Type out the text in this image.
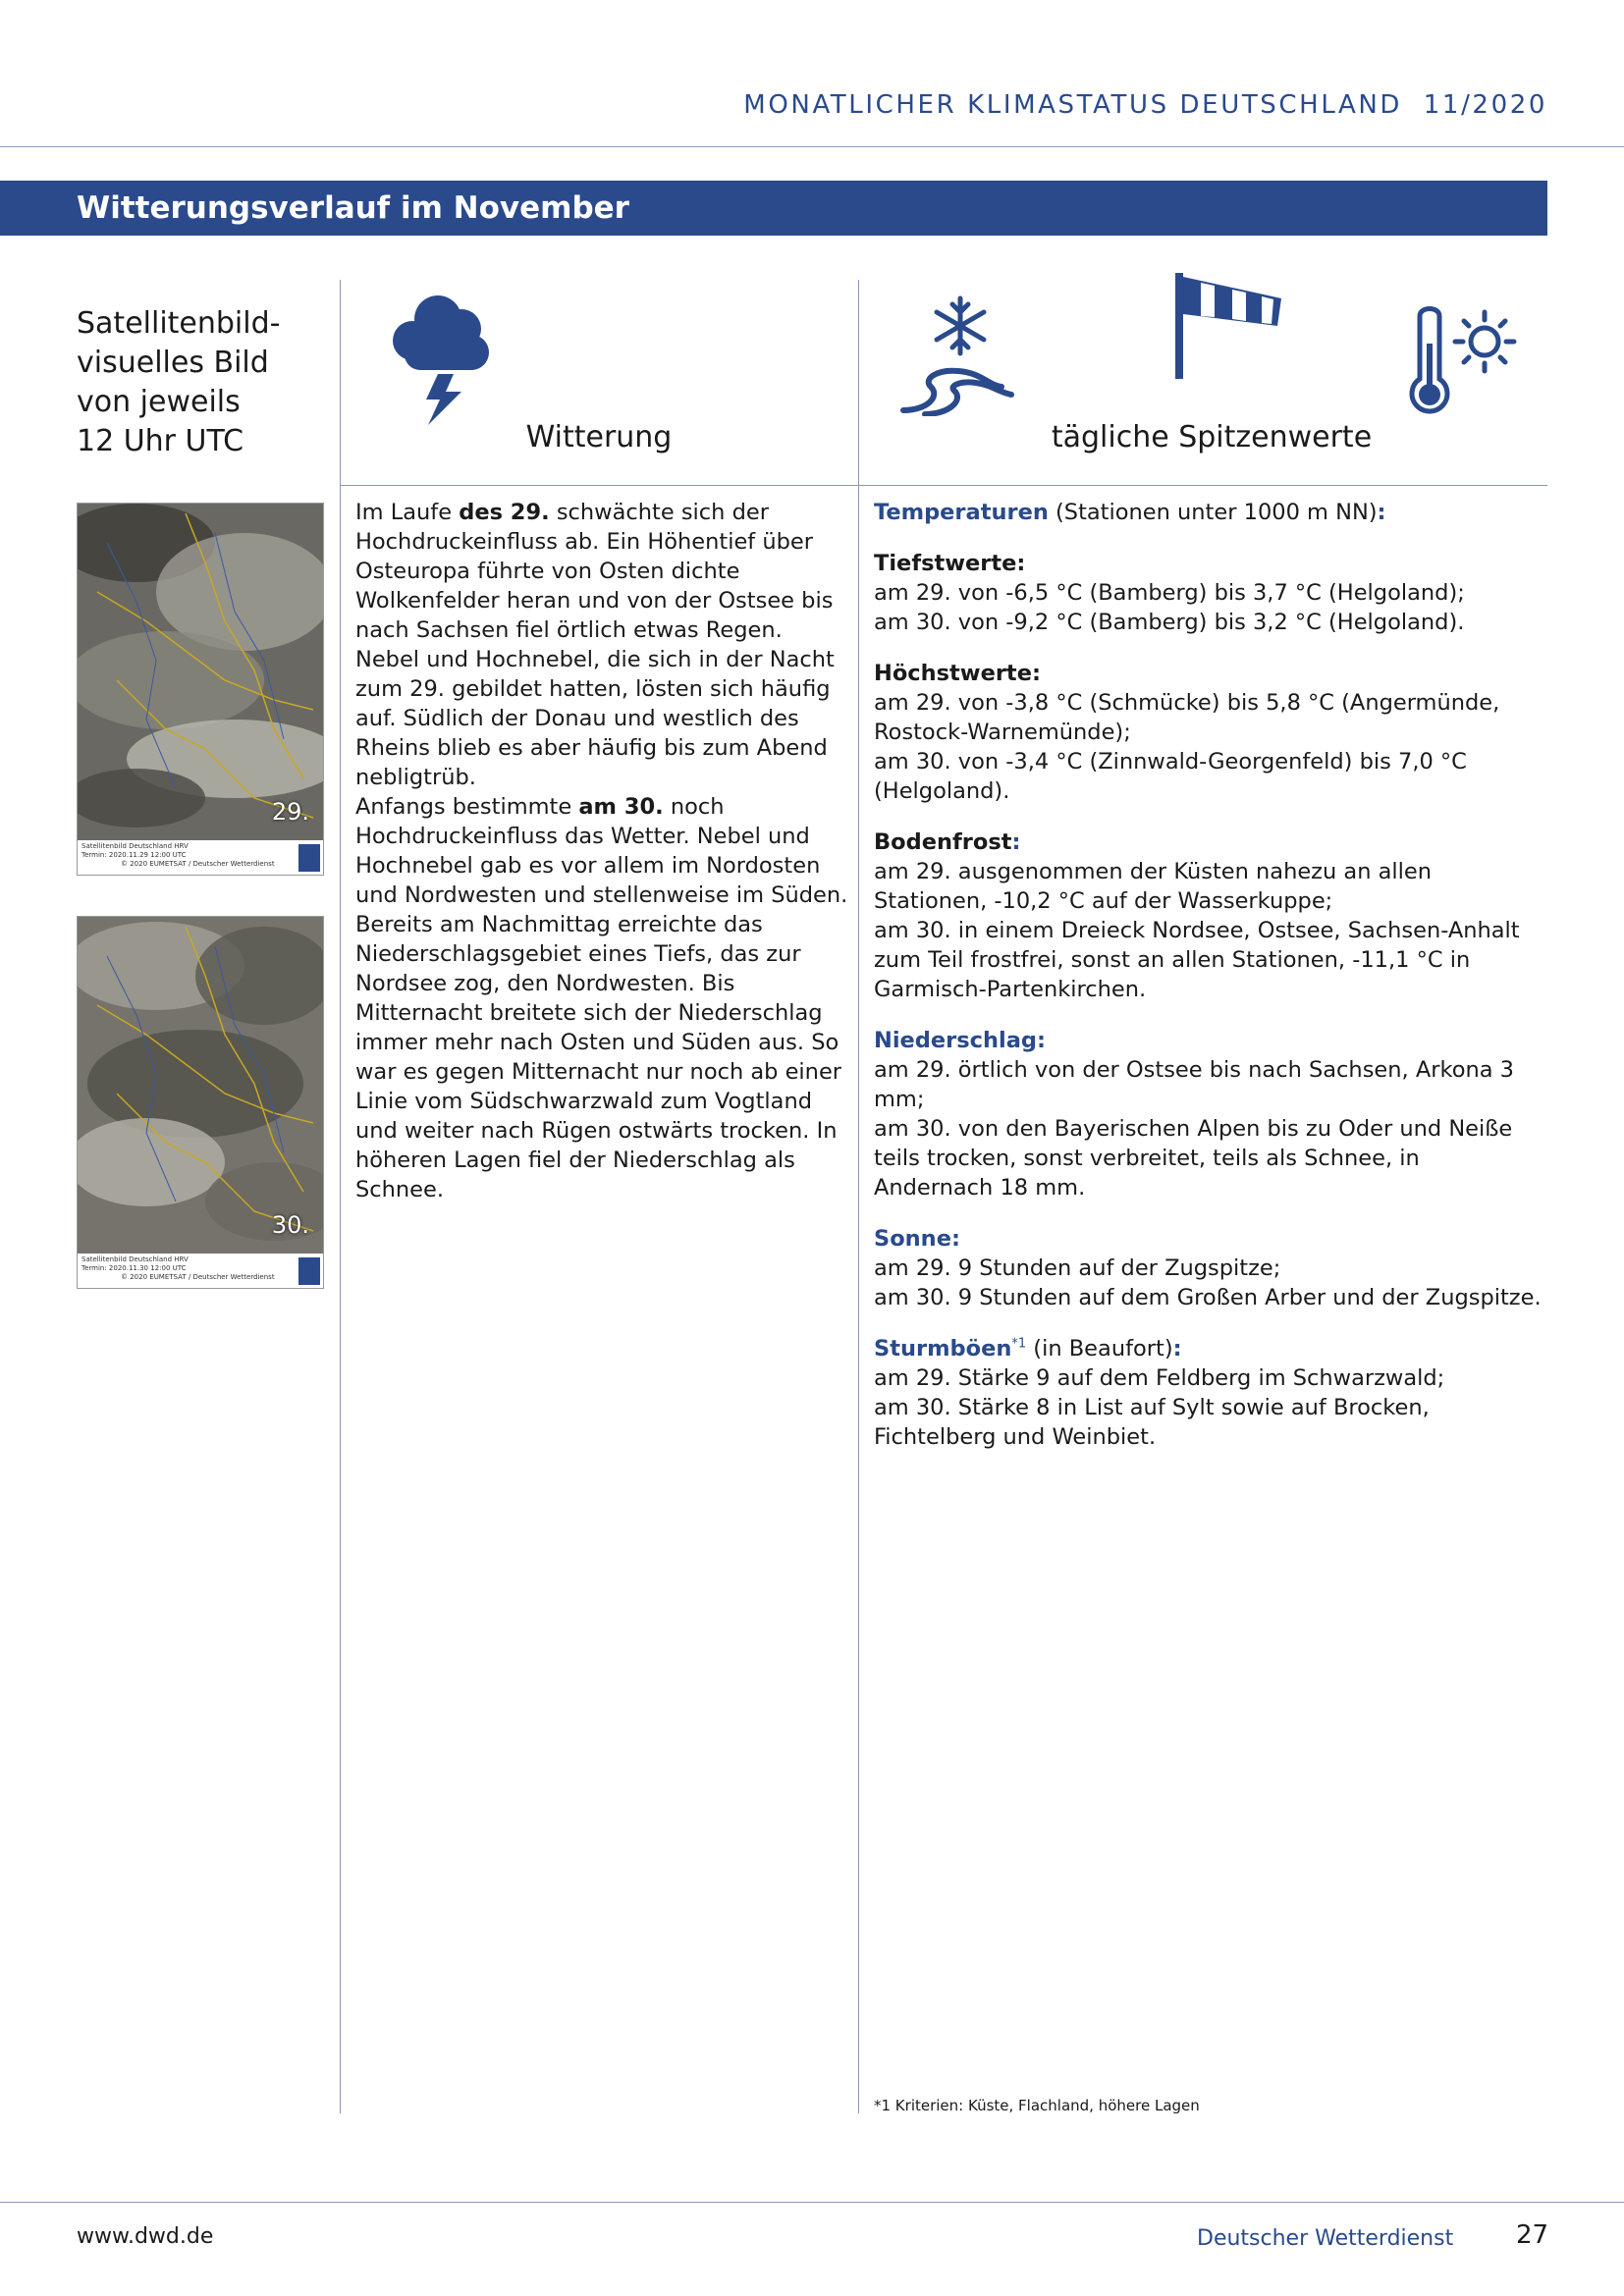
MONATLICHER KLIMASTATUS DEUTSCHLAND  11/2020
Witterungsverlauf im November
Satellitenbild-
visuelles Bild
von jeweils
12 Uhr UTC	Witterung	tägliche Spitzenwerte
29.
Satellitenbild Deutschland HRV
Termin: 2020.11.29 12:00 UTC
© 2020 EUMETSAT / Deutscher Wetterdienst
30.
Satellitenbild Deutschland HRV
Termin: 2020.11.30 12:00 UTC
© 2020 EUMETSAT / Deutscher Wetterdienst

Im Laufe des 29. schwächte sich der Hochdruckeinfluss ab. Ein Höhentief über Osteuropa führte von Osten dichte Wolkenfelder heran und von der Ostsee bis nach Sachsen fiel örtlich etwas Regen. Nebel und Hochnebel, die sich in der Nacht zum 29. gebildet hatten, lösten sich häufig auf. Südlich der Donau und westlich des Rheins blieb es aber häufig bis zum Abend nebligtrüb.

Anfangs bestimmte am 30. noch Hochdruckeinfluss das Wetter. Nebel und Hochnebel gab es vor allem im Nordosten und Nordwesten und stellenweise im Süden. Bereits am Nachmittag erreichte das Niederschlagsgebiet eines Tiefs, das zur Nordsee zog, den Nordwesten. Bis Mitternacht breitete sich der Niederschlag immer mehr nach Osten und Süden aus. So war es gegen Mitternacht nur noch ab einer Linie vom Südschwarzwald zum Vogtland und weiter nach Rügen ostwärts trocken. In höheren Lagen fiel der Niederschlag als Schnee.

Temperaturen (Stationen unter 1000 m NN):
Tiefstwerte:
am 29. von -6,5 °C (Bamberg) bis 3,7 °C (Helgoland);
am 30. von -9,2 °C (Bamberg) bis 3,2 °C (Helgoland).
Höchstwerte:
am 29. von -3,8 °C (Schmücke) bis 5,8 °C (Angermünde, Rostock-Warnemünde);
am 30. von -3,4 °C (Zinnwald-Georgenfeld) bis 7,0 °C (Helgoland).
Bodenfrost:
am 29. ausgenommen der Küsten nahezu an allen Stationen, -10,2 °C auf der Wasserkuppe;
am 30. in einem Dreieck Nordsee, Ostsee, Sachsen-Anhalt zum Teil frostfrei, sonst an allen Stationen, -11,1 °C in Garmisch-Partenkirchen.
Niederschlag:
am 29. örtlich von der Ostsee bis nach Sachsen, Arkona 3 mm;
am 30. von den Bayerischen Alpen bis zu Oder und Neiße teils trocken, sonst verbreitet, teils als Schnee, in Andernach 18 mm.
Sonne:
am 29. 9 Stunden auf der Zugspitze;
am 30. 9 Stunden auf dem Großen Arber und der Zugspitze.
Sturmböen$^{*1}$ (in Beaufort):
am 29. Stärke 9 auf dem Feldberg im Schwarzwald;
am 30. Stärke 8 in List auf Sylt sowie auf Brocken, Fichtelberg und Weinbiet.
*1 Kriterien: Küste, Flachland, höhere Lagen
www.dwd.de	Deutscher Wetterdienst 27
